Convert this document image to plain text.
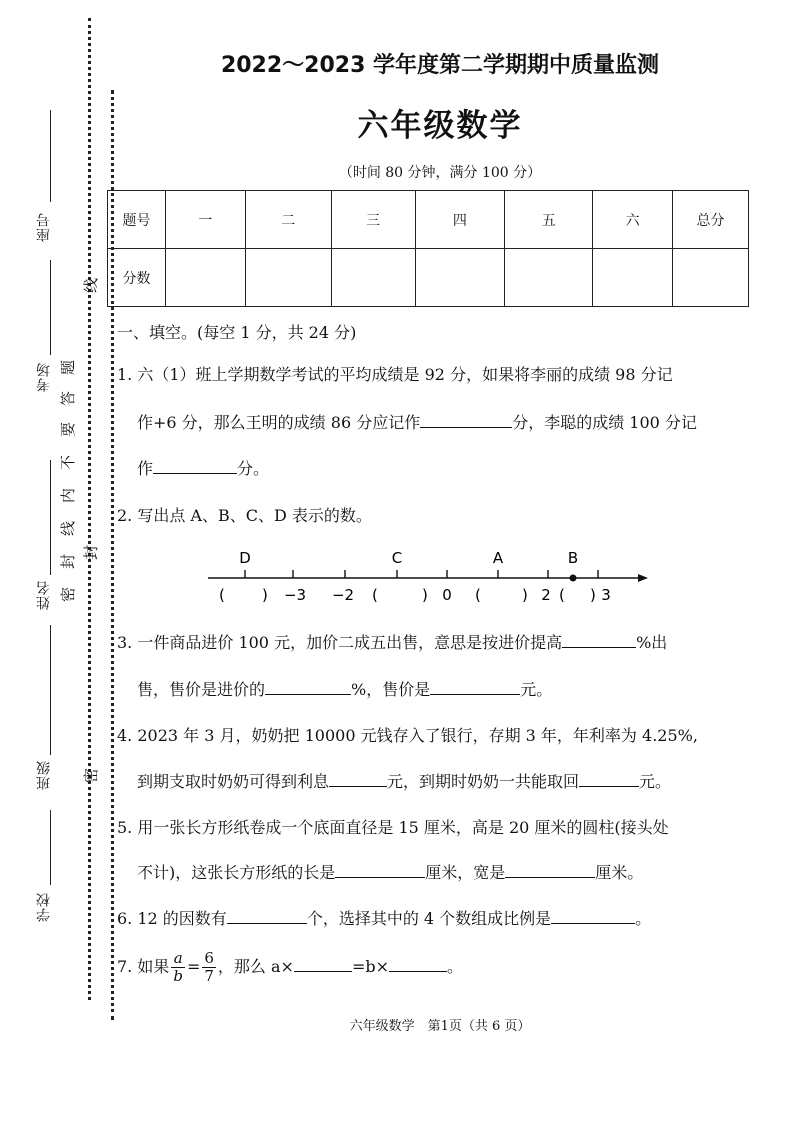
座号
考场
姓名
班级
学校
题
答
要
不
内
线
封
密
线
封
密
2022～2023 学年度第二学期期中质量监测
六年级数学
（时间 80 分钟，满分 100 分）
题号	一	二	三	四	五	六	总分
分数							
一、填空。(每空 1 分，共 24 分)
1. 六（1）班上学期数学考试的平均成绩是 92 分，如果将李丽的成绩 98 分记
作+6 分，那么王明的成绩 86 分应记作	分，李聪的成绩 100 分记
作	分。
2. 写出点 A、B、C、D 表示的数。
D	C	A	B
−3 −2	0	2	3
( )	(	)	(	) ( )
3. 一件商品进价 100 元，加价二成五出售，意思是按进价提高	%出
售，售价是进价的	%，售价是	元。
4. 2023 年 3 月，奶奶把 10000 元钱存入了银行，存期 3 年，年利率为 4.25%,
到期支取时奶奶可得到利息	元，到期时奶奶一共能取回	元。
5. 用一张长方形纸卷成一个底面直径是 15 厘米，高是 20 厘米的圆柱(接头处
不计)，这张长方形纸的长是	厘米，宽是	厘米。
6. 12 的因数有	个，选择其中的 4 个数组成比例是	。
7. 如果 $\frac{a}{b} = \frac{6}{7}$ ，那么 a×	=b×	。
六年级数学　第1页（共 6 页）
